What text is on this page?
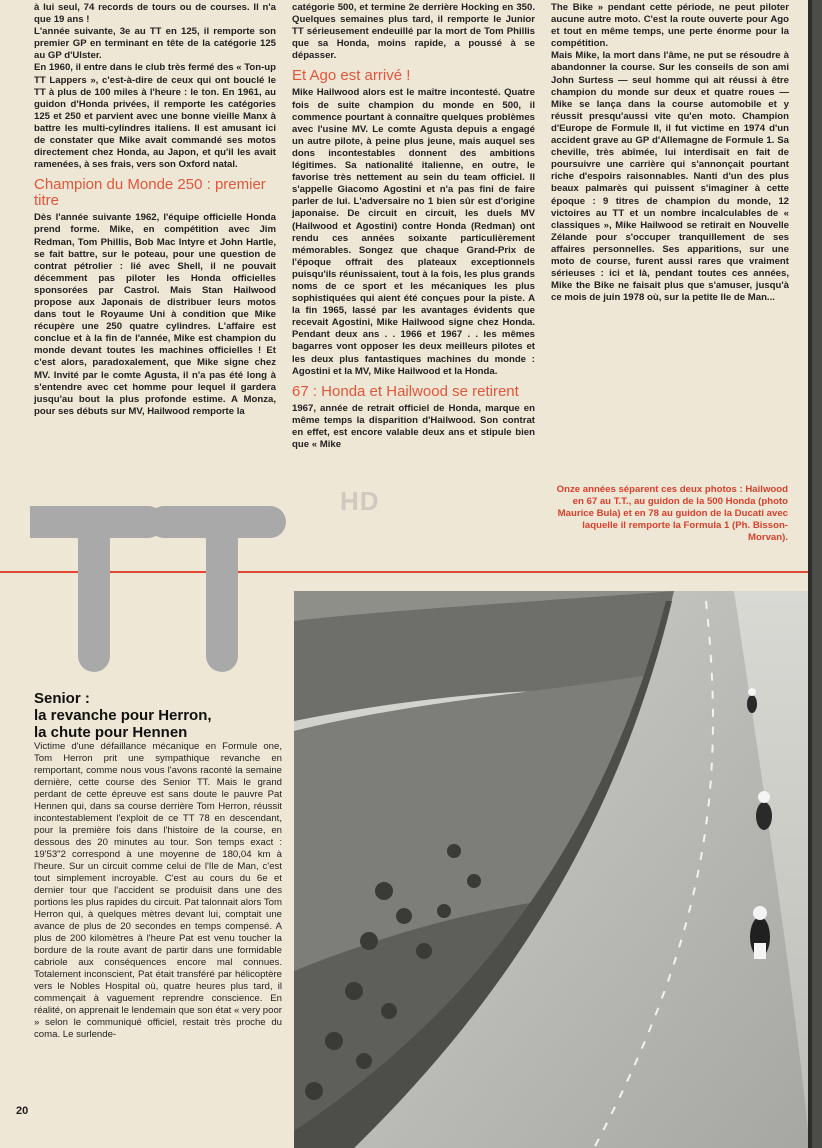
à lui seul, 74 records de tours ou de courses. Il n'a que 19 ans !

L'année suivante, 3e au TT en 125, il remporte son premier GP en terminant en tête de la catégorie 125 au GP d'Ulster.

En 1960, il entre dans le club très fermé des « Ton-up TT Lappers », c'est-à-dire de ceux qui ont bouclé le TT à plus de 100 miles à l'heure : le ton. En 1961, au guidon d'Honda privées, il remporte les catégories 125 et 250 et parvient avec une bonne vieille Manx à battre les multi-cylindres italiens. Il est amusant ici de constater que Mike avait commandé ses motos directement chez Honda, au Japon, et qu'il les avait ramenées, à ses frais, vers son Oxford natal.

Champion du Monde 250 : premier titre

Dès l'année suivante 1962, l'équipe officielle Honda prend forme. Mike, en compétition avec Jim Redman, Tom Phillis, Bob Mac Intyre et John Hartle, se fait battre, sur le poteau, pour une question de contrat pétrolier : lié avec Shell, il ne pouvait décemment pas piloter les Honda officielles sponsorées par Castrol. Mais Stan Hailwood propose aux Japonais de distribuer leurs motos dans tout le Royaume Uni à condition que Mike récupère une 250 quatre cylindres. L'affaire est conclue et à la fin de l'année, Mike est champion du monde devant toutes les machines officielles ! Et c'est alors, paradoxalement, que Mike signe chez MV. Invité par le comte Agusta, il n'a pas été long à s'entendre avec cet homme pour lequel il gardera jusqu'au bout la plus profonde estime. A Monza, pour ses débuts sur MV, Hailwood remporte la

catégorie 500, et termine 2e derrière Hocking en 350. Quelques semaines plus tard, il remporte le Junior TT sérieusement endeuillé par la mort de Tom Phillis que sa Honda, moins rapide, a poussé à se dépasser.

Et Ago est arrivé !

Mike Hailwood alors est le maître incontesté. Quatre fois de suite champion du monde en 500, il commence pourtant à connaître quelques problèmes avec l'usine MV. Le comte Agusta depuis a engagé un autre pilote, à peine plus jeune, mais auquel ses dons incontestables donnent des ambitions légitimes. Sa nationalité italienne, en outre, le favorise très nettement au sein du team officiel. Il s'appelle Giacomo Agostini et n'a pas fini de faire parler de lui. L'adversaire no 1 bien sûr est d'origine japonaise. De circuit en circuit, les duels MV (Hailwood et Agostini) contre Honda (Redman) ont rendu ces années soixante particulièrement mémorables. Songez que chaque Grand-Prix de l'époque offrait des plateaux exceptionnels puisqu'ils réunissaient, tout à la fois, les plus grands noms de ce sport et les mécaniques les plus sophistiquées qui aient été conçues pour la piste. A la fin 1965, lassé par les avantages évidents que recevait Agostini, Mike Hailwood signe chez Honda. Pendant deux ans . . 1966 et 1967 . . les mêmes bagarres vont opposer les deux meilleurs pilotes et les deux plus fantastiques machines du monde : Agostini et la MV, Mike Hailwood et la Honda.

67 : Honda et Hailwood se retirent

1967, année de retrait officiel de Honda, marque en même temps la disparition d'Hailwood. Son contrat en effet, est encore valable deux ans et stipule bien que « Mike

The Bike » pendant cette période, ne peut piloter aucune autre moto. C'est la route ouverte pour Ago et tout en même temps, une perte énorme pour la compétition.

Mais Mike, la mort dans l'âme, ne put se résoudre à abandonner la course. Sur les conseils de son ami John Surtess — seul homme qui ait réussi à être champion du monde sur deux et quatre roues — Mike se lança dans la course automobile et y réussit presqu'aussi vite qu'en moto. Champion d'Europe de Formule II, il fut victime en 1974 d'un accident grave au GP d'Allemagne de Formule 1. Sa cheville, très abîmée, lui interdisait en fait de poursuivre une carrière qui s'annonçait pourtant riche d'espoirs raisonnables. Nanti d'un des plus beaux palmarès qui puissent s'imaginer à cette époque : 9 titres de champion du monde, 12 victoires au TT et un nombre incalculables de « classiques », Mike Hailwood se retirait en Nouvelle Zélande pour s'occuper tranquillement de ses affaires personnelles. Ses apparitions, sur une moto de course, furent aussi rares que vraiment sérieuses : ici et là, pendant toutes ces années, Mike the Bike ne faisait plus que s'amuser, jusqu'à ce mois de juin 1978 où, sur la petite Ile de Man...

Onze années séparent ces deux photos : Hailwood en 67 au T.T., au guidon de la 500 Honda (photo Maurice Bula) et en 78 au guidon de la Ducati avec laquelle il remporte la Formula 1 (Ph. Bisson-Morvan).
HD
Senior :
la revanche pour Herron,
la chute pour Hennen
Victime d'une défaillance mécanique en Formule one, Tom Herron prit une sympathique revanche en remportant, comme nous vous l'avons raconté la semaine dernière, cette course des Senior TT. Mais le grand perdant de cette épreuve est sans doute le pauvre Pat Hennen qui, dans sa course derrière Tom Herron, réussit incontestablement l'exploit de ce TT 78 en descendant, pour la première fois dans l'histoire de la course, en dessous des 20 minutes au tour. Son temps exact : 19'53"2 correspond à une moyenne de 180,04 km à l'heure. Sur un circuit comme celui de l'Ile de Man, c'est tout simplement incroyable. C'est au cours du 6e et dernier tour que l'accident se produisit dans une des portions les plus rapides du circuit. Pat talonnait alors Tom Herron qui, à quelques mètres devant lui, comptait une avance de plus de 20 secondes en temps compensé. A plus de 200 kilomètres à l'heure Pat est venu toucher la bordure de la route avant de partir dans une formidable cabriole aux conséquences encore mal connues. Totalement inconscient, Pat était transféré par hélicoptère vers le Nobles Hospital où, quatre heures plus tard, il commençait à vaguement reprendre conscience. En réalité, on apprenait le lendemain que son état « very poor » selon le communiqué officiel, restait très proche du coma. Le surlende-
20
